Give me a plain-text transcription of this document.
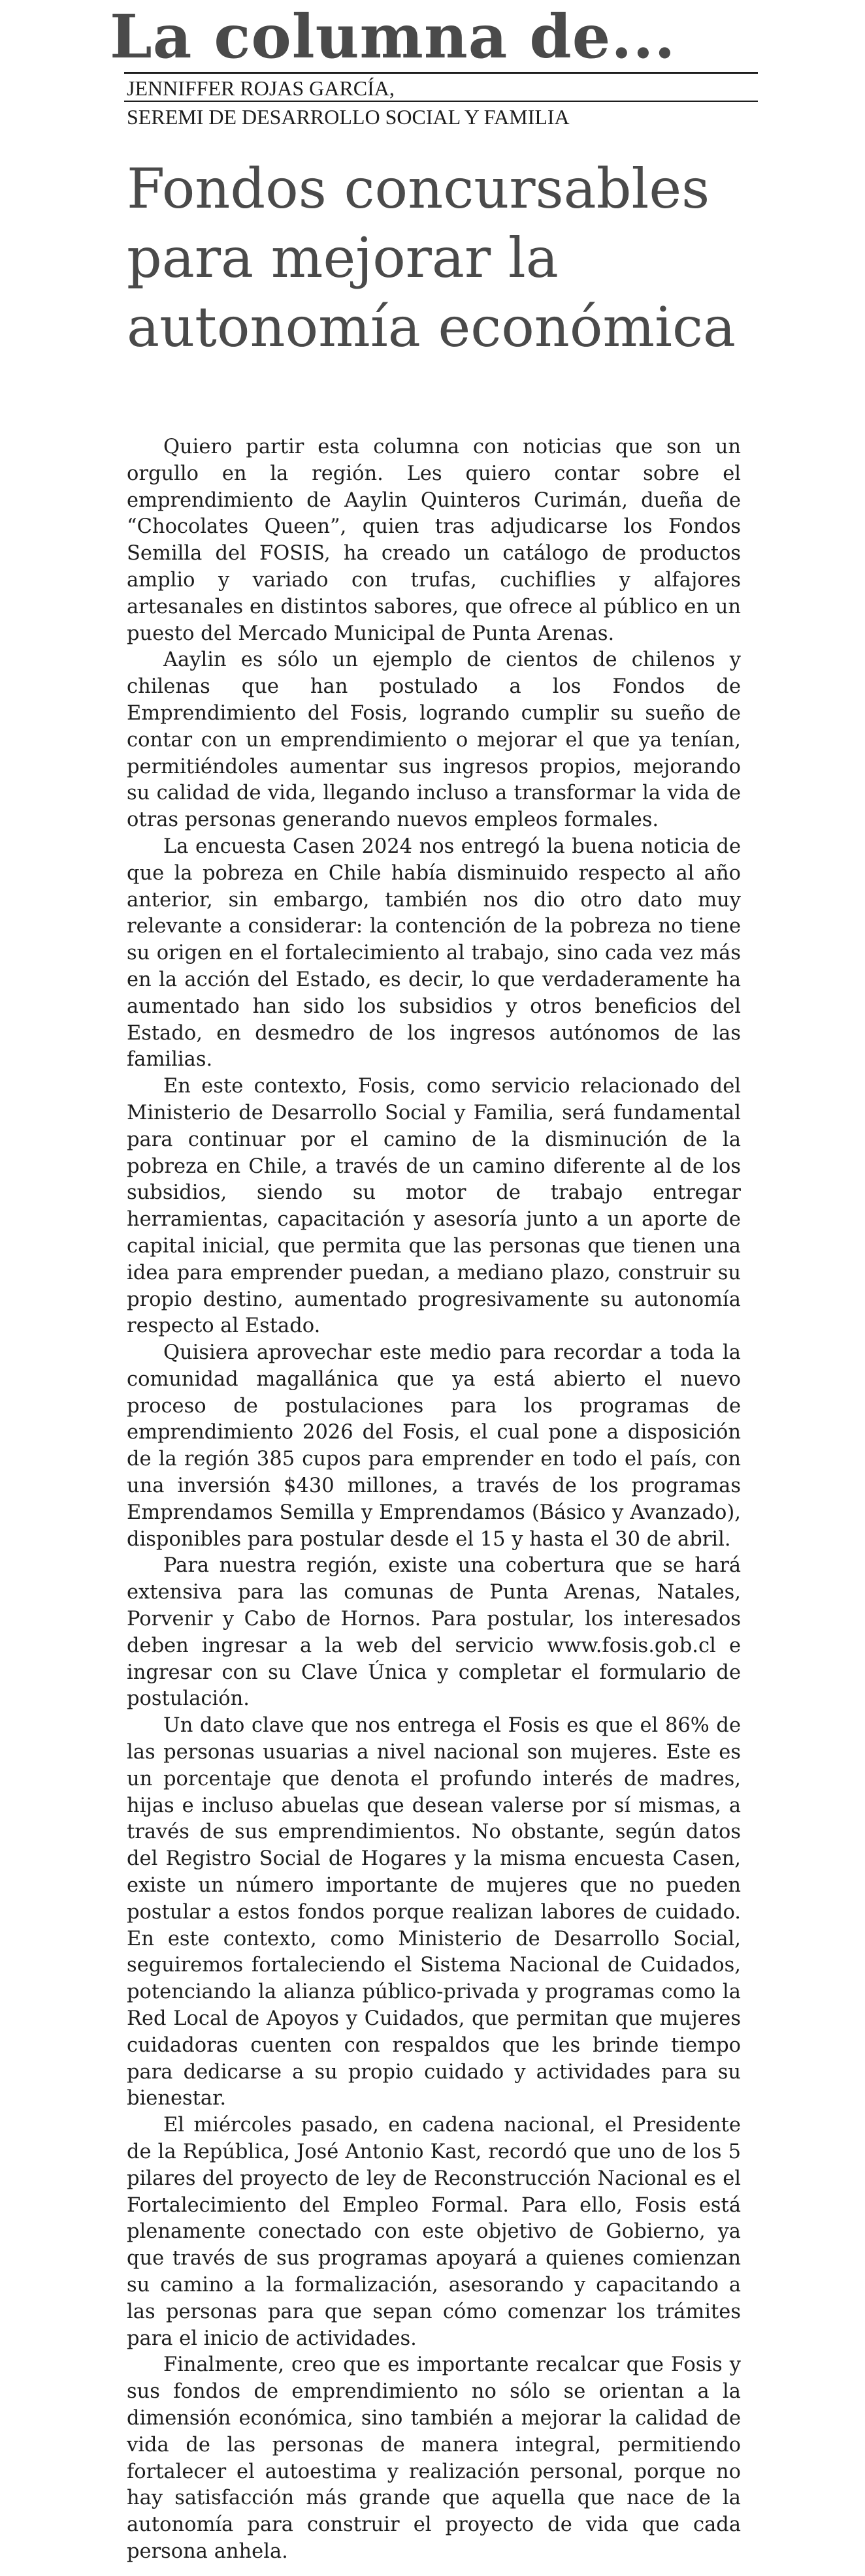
La columna de...
JENNIFFER ROJAS GARCÍA,
SEREMI DE DESARROLLO SOCIAL Y FAMILIA
Fondos concursables para mejorar la autonomía económica

Quiero partir esta columna con noticias que son un orgullo en la región. Les quiero contar sobre el emprendimiento de Aaylin Quinteros Curimán, dueña de “Chocolates Queen”, quien tras adjudicarse los Fondos Semilla del FOSIS, ha creado un catálogo de productos amplio y variado con trufas, cuchiflies y alfajores artesanales en distintos sabores, que ofrece al público en un puesto del Mercado Municipal de Punta Arenas.

Aaylin es sólo un ejemplo de cientos de chilenos y chilenas que han postulado a los Fondos de Emprendimiento del Fosis, logrando cumplir su sueño de contar con un emprendimiento o mejorar el que ya tenían, permitiéndoles aumentar sus ingresos propios, mejorando su calidad de vida, llegando incluso a transformar la vida de otras personas generando nuevos empleos formales.

La encuesta Casen 2024 nos entregó la buena noticia de que la pobreza en Chile había disminuido respecto al año anterior, sin embargo, también nos dio otro dato muy relevante a considerar: la contención de la pobreza no tiene su origen en el fortalecimiento al trabajo, sino cada vez más en la acción del Estado, es decir, lo que verdaderamente ha aumentado han sido los subsidios y otros beneficios del Estado, en desmedro de los ingresos autónomos de las familias.

En este contexto, Fosis, como servicio relacionado del Ministerio de Desarrollo Social y Familia, será fundamental para continuar por el camino de la disminución de la pobreza en Chile, a través de un camino diferente al de los subsidios, siendo su motor de trabajo entregar herramientas, capacitación y asesoría junto a un aporte de capital inicial, que permita que las personas que tienen una idea para emprender puedan, a mediano plazo, construir su propio destino, aumentado progresivamente su autonomía respecto al Estado.

Quisiera aprovechar este medio para recordar a toda la comunidad magallánica que ya está abierto el nuevo proceso de postulaciones para los programas de emprendimiento 2026 del Fosis, el cual pone a disposición de la región 385 cupos para emprender en todo el país, con una inversión $430 millones, a través de los programas Emprendamos Semilla y Emprendamos (Básico y Avanzado), disponibles para postular desde el 15 y hasta el 30 de abril.

Para nuestra región, existe una cobertura que se hará extensiva para las comunas de Punta Arenas, Natales, Porvenir y Cabo de Hornos. Para postular, los interesados deben ingresar a la web del servicio www.fosis.gob.cl e ingresar con su Clave Única y completar el formulario de postulación.

Un dato clave que nos entrega el Fosis es que el 86% de las personas usuarias a nivel nacional son mujeres. Este es un porcentaje que denota el profundo interés de madres, hijas e incluso abuelas que desean valerse por sí mismas, a través de sus emprendimientos. No obstante, según datos del Registro Social de Hogares y la misma encuesta Casen, existe un número importante de mujeres que no pueden postular a estos fondos porque realizan labores de cuidado. En este contexto, como Ministerio de Desarrollo Social, seguiremos fortaleciendo el Sistema Nacional de Cuidados, potenciando la alianza público-privada y programas como la Red Local de Apoyos y Cuidados, que permitan que mujeres cuidadoras cuenten con respaldos que les brinde tiempo para dedicarse a su propio cuidado y actividades para su bienestar.

El miércoles pasado, en cadena nacional, el Presidente de la República, José Antonio Kast, recordó que uno de los 5 pilares del proyecto de ley de Reconstrucción Nacional es el Fortalecimiento del Empleo Formal. Para ello, Fosis está plenamente conectado con este objetivo de Gobierno, ya que través de sus programas apoyará a quienes comienzan su camino a la formalización, asesorando y capacitando a las personas para que sepan cómo comenzar los trámites para el inicio de actividades.

Finalmente, creo que es importante recalcar que Fosis y sus fondos de emprendimiento no sólo se orientan a la dimensión económica, sino también a mejorar la calidad de vida de las personas de manera integral, permitiendo fortalecer el autoestima y realización personal, porque no hay satisfacción más grande que aquella que nace de la autonomía para construir el proyecto de vida que cada persona anhela.
